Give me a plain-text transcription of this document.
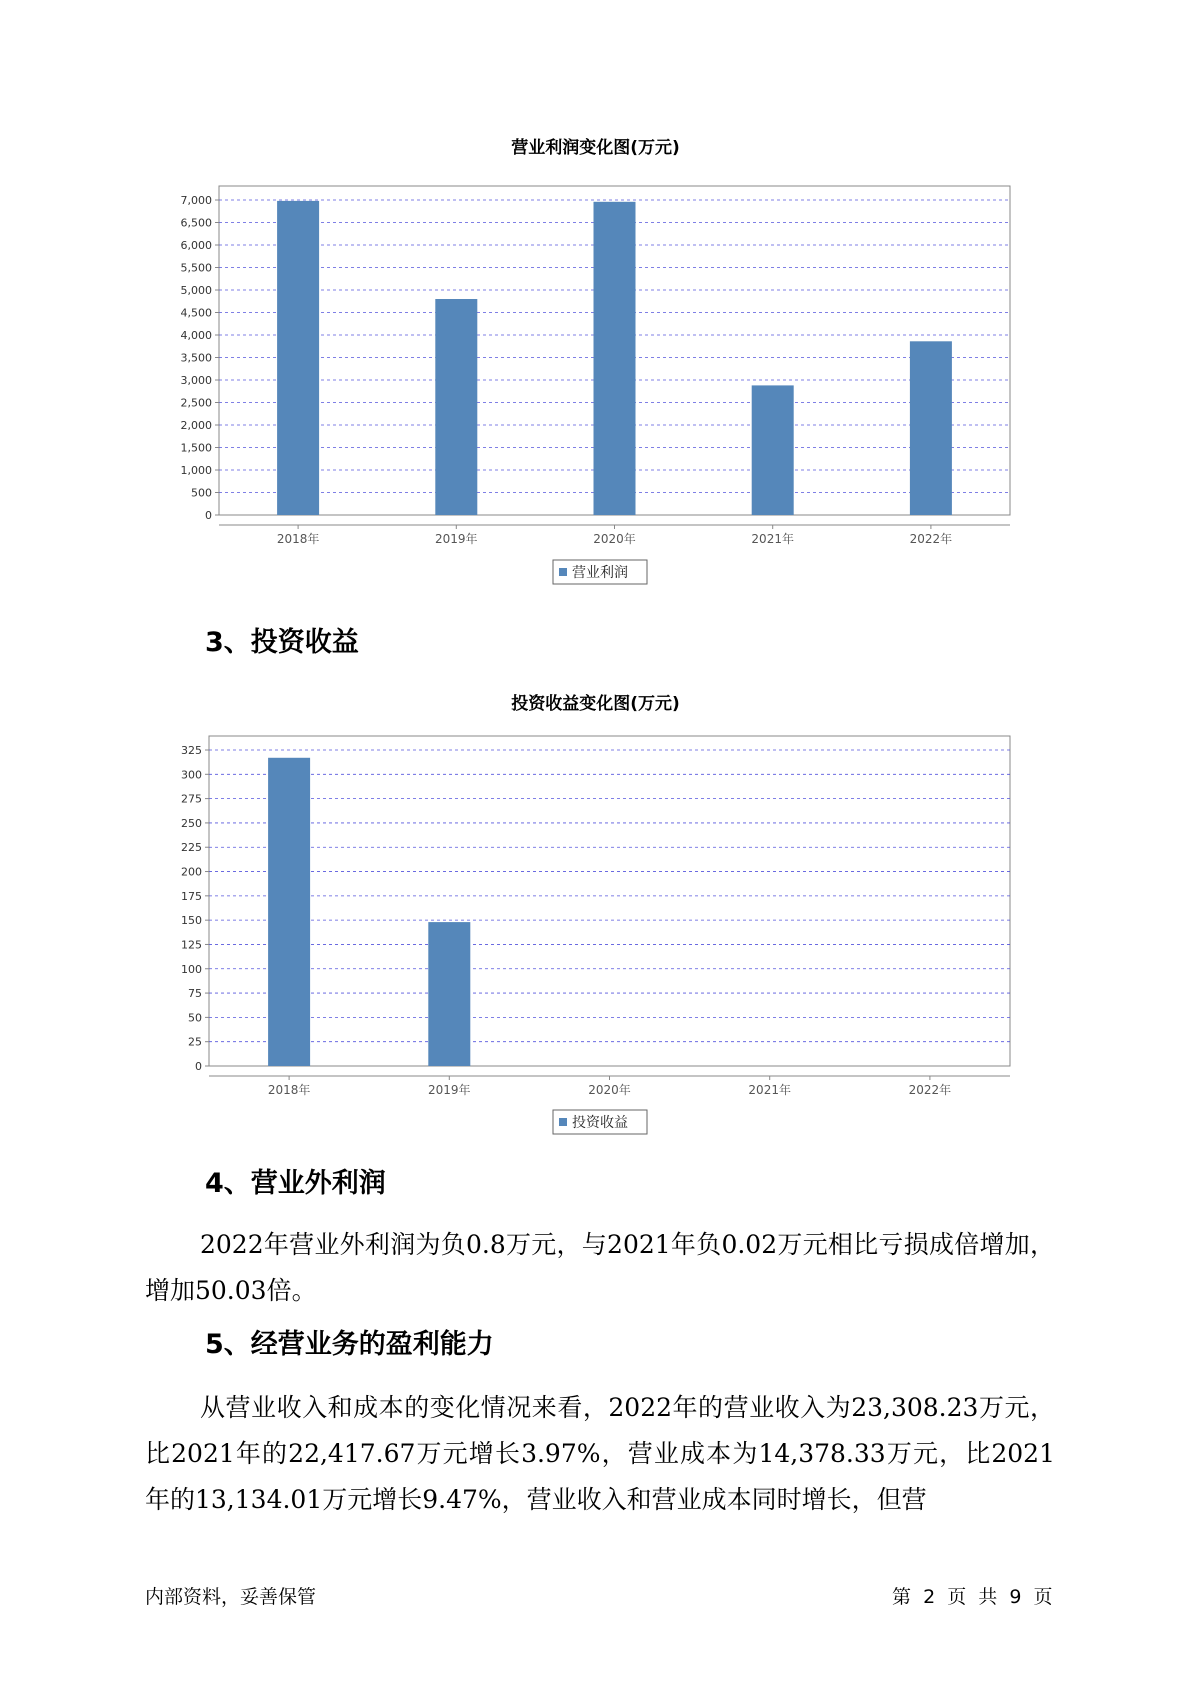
营业利润变化图(万元)
0
500
1,000
1,500
2,000
2,500
3,000
3,500
4,000
4,500
5,000
5,500
6,000
6,500
7,000
2018年	2019年	2020年	2021年	2022年
营业利润
3、投资收益
投资收益变化图(万元)
0
25
50
75
100
125
150
175
200
225
250
275
300
325
2018年	2019年	2020年	2021年	2022年
投资收益
4、营业外利润

2022年营业外利润为负0.8万元，与2021年负0.02万元相比亏损成倍增加，增加50.03倍。

5、经营业务的盈利能力

从营业收入和成本的变化情况来看，2022年的营业收入为23,308.23万元，比2021年的22,417.67万元增长3.97%，营业成本为14,378.33万元，比2021年的13,134.01万元增长9.47%，营业收入和营业成本同时增长，但营

内部资料，妥善保管	第 2 页  共 9 页
